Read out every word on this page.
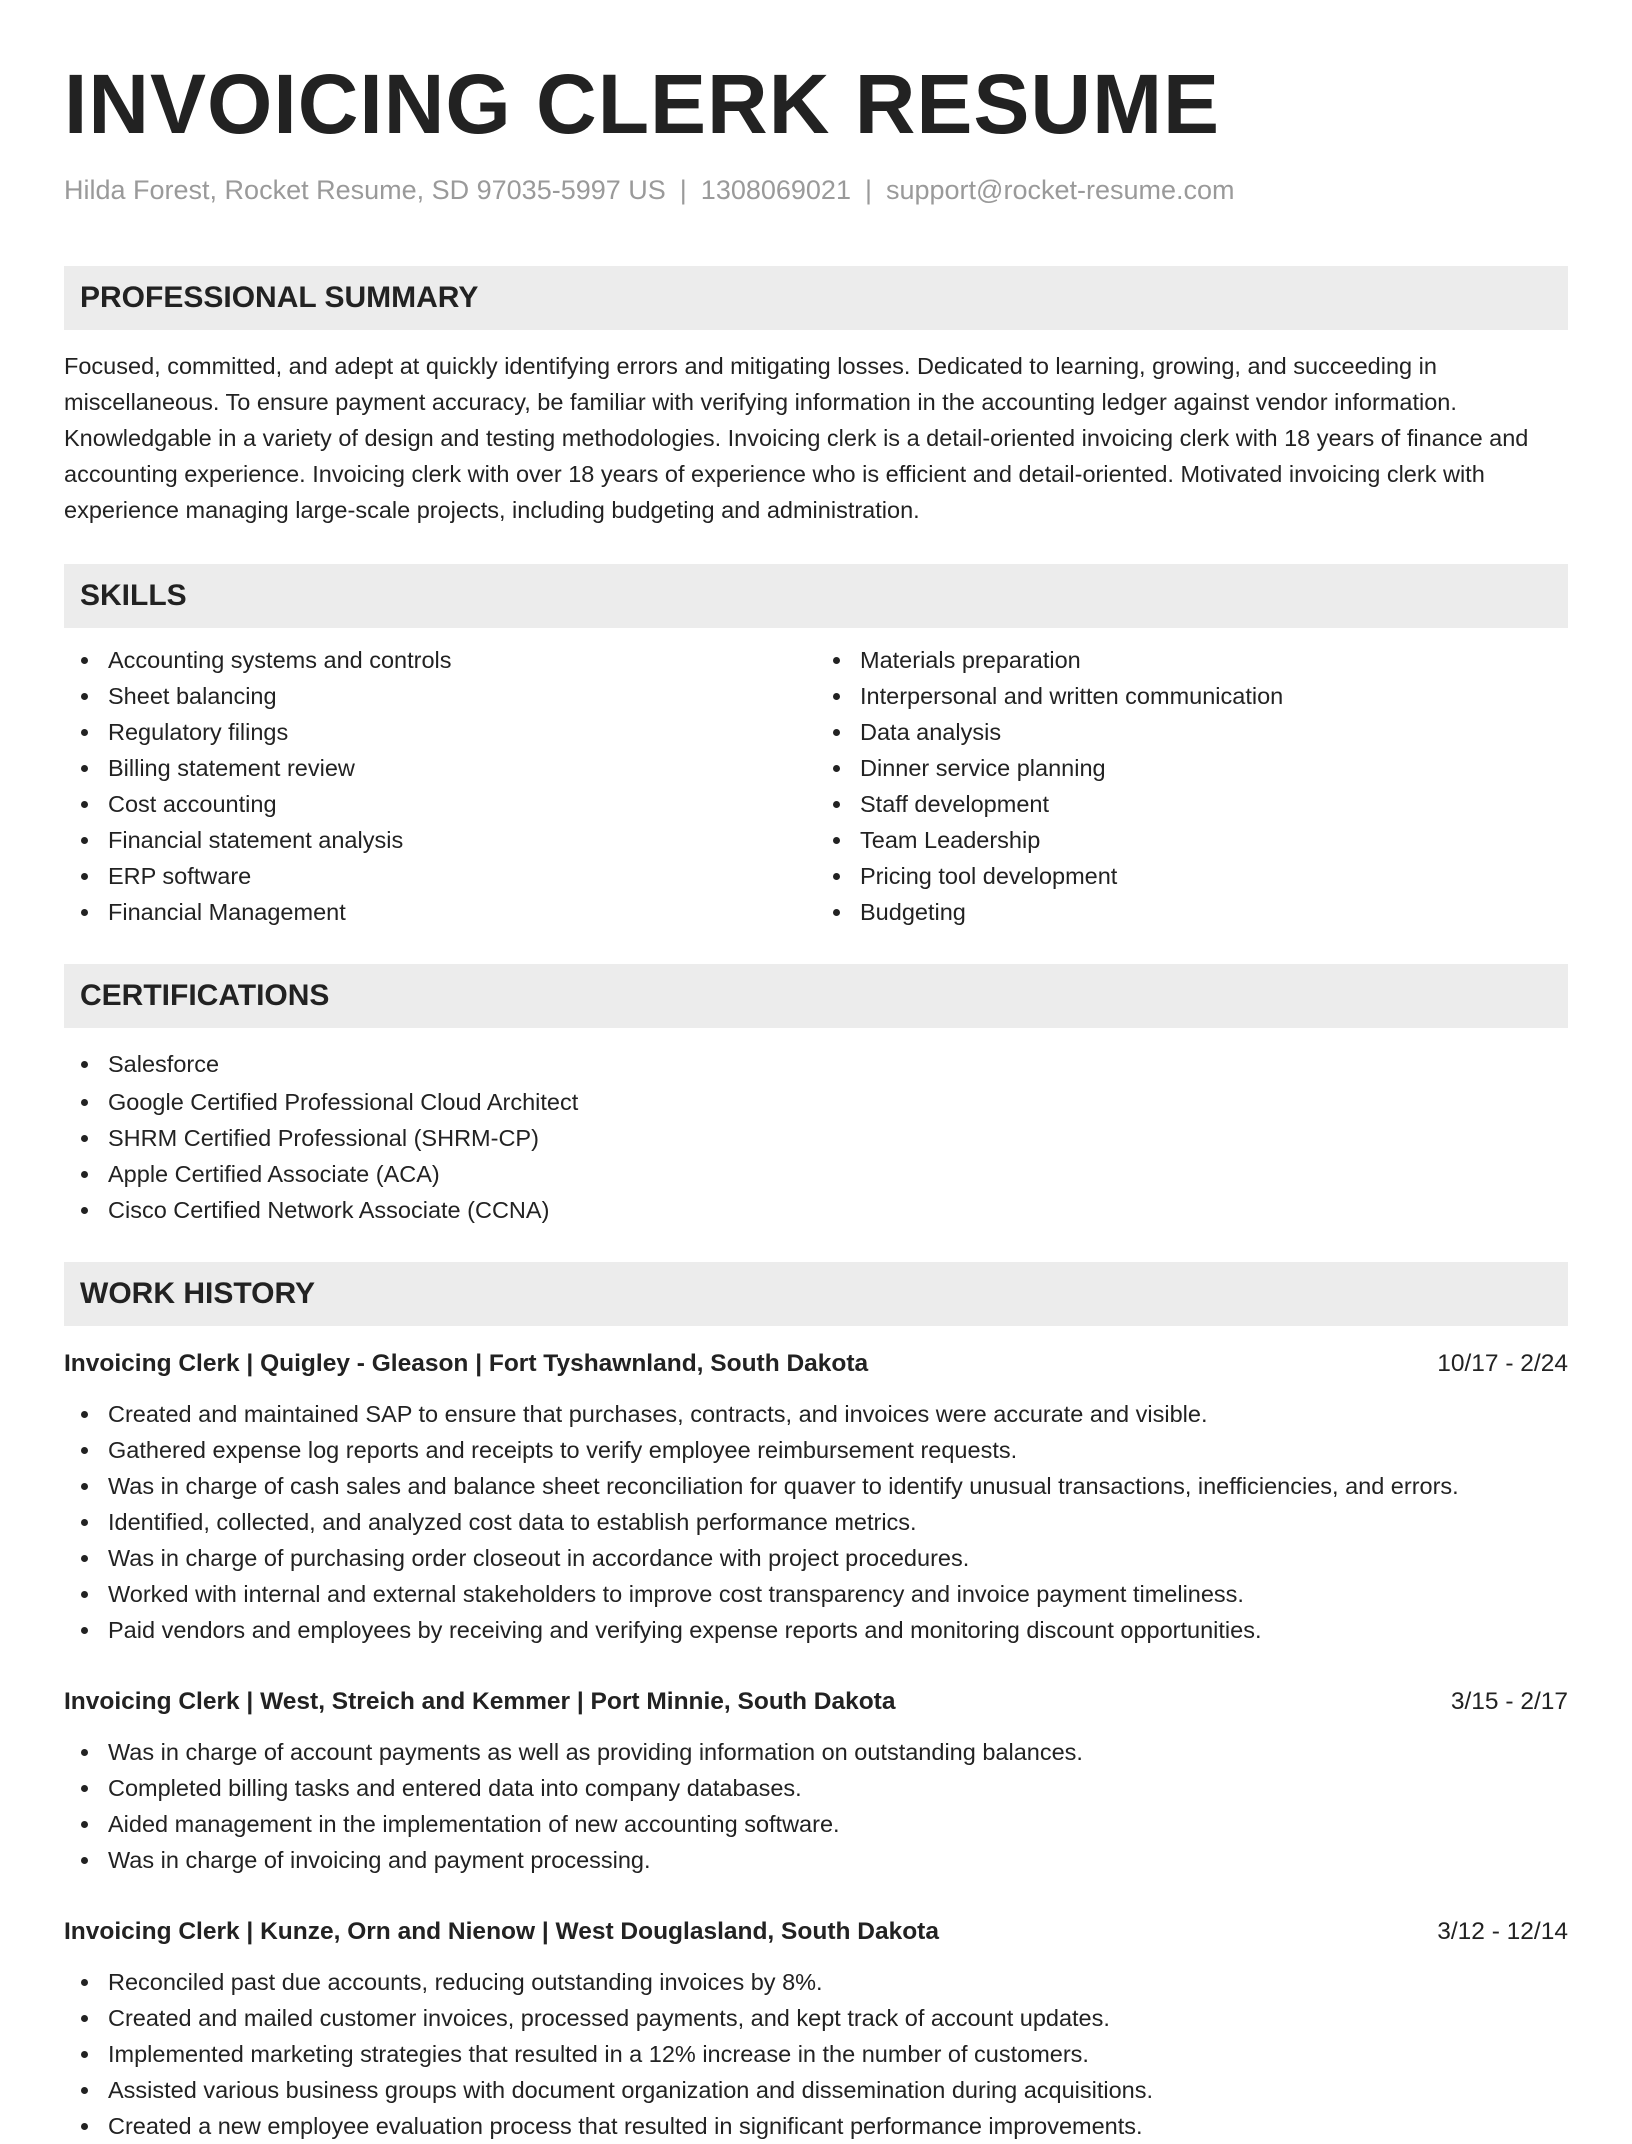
INVOICING CLERK RESUME
Hilda Forest, Rocket Resume, SD 97035-5997 US | 1308069021 | support@rocket-resume.com
PROFESSIONAL SUMMARY

Focused, committed, and adept at quickly identifying errors and mitigating losses. Dedicated to learning, growing, and succeeding in miscellaneous. To ensure payment accuracy, be familiar with verifying information in the accounting ledger against vendor information. Knowledgable in a variety of design and testing methodologies. Invoicing clerk is a detail-oriented invoicing clerk with 18 years of finance and accounting experience. Invoicing clerk with over 18 years of experience who is efficient and detail-oriented. Motivated invoicing clerk with experience managing large-scale projects, including budgeting and administration.

SKILLS
Accounting systems and controls
Sheet balancing
Regulatory filings
Billing statement review
Cost accounting
Financial statement analysis
ERP software
Financial Management
Materials preparation
Interpersonal and written communication
Data analysis
Dinner service planning
Staff development
Team Leadership
Pricing tool development
Budgeting
CERTIFICATIONS
Salesforce
Google Certified Professional Cloud Architect
SHRM Certified Professional (SHRM-CP)
Apple Certified Associate (ACA)
Cisco Certified Network Associate (CCNA)
WORK HISTORY
Invoicing Clerk | Quigley - Gleason | Fort Tyshawnland, South Dakota	10/17 - 2/24
Created and maintained SAP to ensure that purchases, contracts, and invoices were accurate and visible.
Gathered expense log reports and receipts to verify employee reimbursement requests.
Was in charge of cash sales and balance sheet reconciliation for quaver to identify unusual transactions, inefficiencies, and errors.
Identified, collected, and analyzed cost data to establish performance metrics.
Was in charge of purchasing order closeout in accordance with project procedures.
Worked with internal and external stakeholders to improve cost transparency and invoice payment timeliness.
Paid vendors and employees by receiving and verifying expense reports and monitoring discount opportunities.
Invoicing Clerk | West, Streich and Kemmer | Port Minnie, South Dakota	3/15 - 2/17
Was in charge of account payments as well as providing information on outstanding balances.
Completed billing tasks and entered data into company databases.
Aided management in the implementation of new accounting software.
Was in charge of invoicing and payment processing.
Invoicing Clerk | Kunze, Orn and Nienow | West Douglasland, South Dakota	3/12 - 12/14
Reconciled past due accounts, reducing outstanding invoices by 8%.
Created and mailed customer invoices, processed payments, and kept track of account updates.
Implemented marketing strategies that resulted in a 12% increase in the number of customers.
Assisted various business groups with document organization and dissemination during acquisitions.
Created a new employee evaluation process that resulted in significant performance improvements.
